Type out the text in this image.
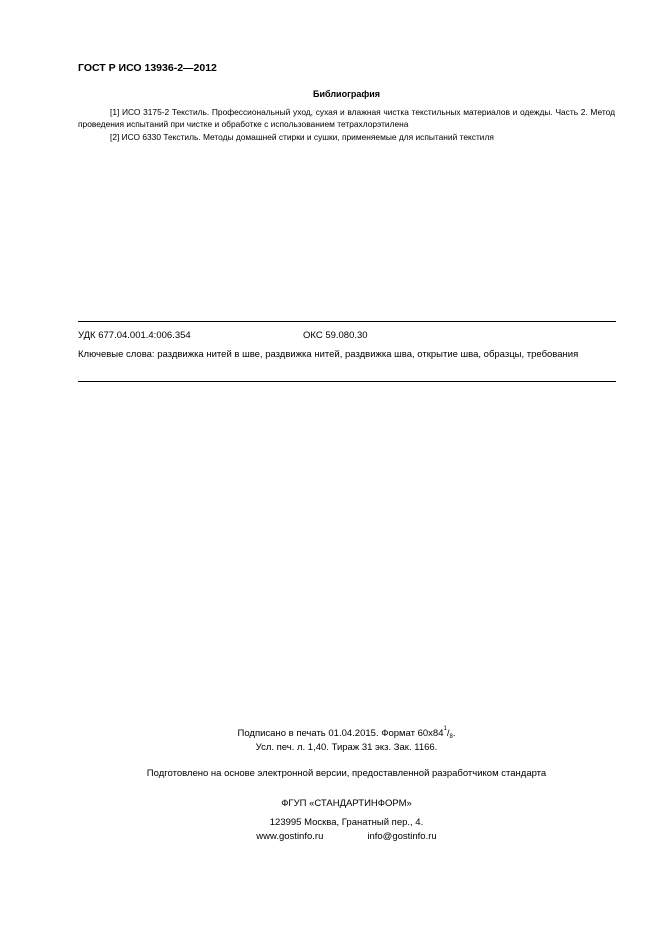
ГОСТ Р ИСО 13936-2—2012
Библиография
[1] ИСО 3175-2 Текстиль. Профессиональный уход, сухая и влажная чистка текстильных материалов и одежды. Часть 2. Метод проведения испытаний при чистке и обработке с использованием тетрахлорэтилена
[2] ИСО 6330 Текстиль. Методы домашней стирки и сушки, применяемые для испытаний текстиля
УДК 677.04.001.4:006.354	ОКС 59.080.30
Ключевые слова: раздвижка нитей в шве, раздвижка нитей, раздвижка шва, открытие шва, образцы, требования
Подписано в печать 01.04.2015. Формат $60х84^1/_8$.
Усл. печ. л. 1,40. Тираж 31 экз. Зак. 1166.
Подготовлено на основе электронной версии, предоставленной разработчиком стандарта
ФГУП «СТАНДАРТИНФОРМ»
123995 Москва, Гранатный пер., 4.
www.gostinfo.ru	info@gostinfo.ru
